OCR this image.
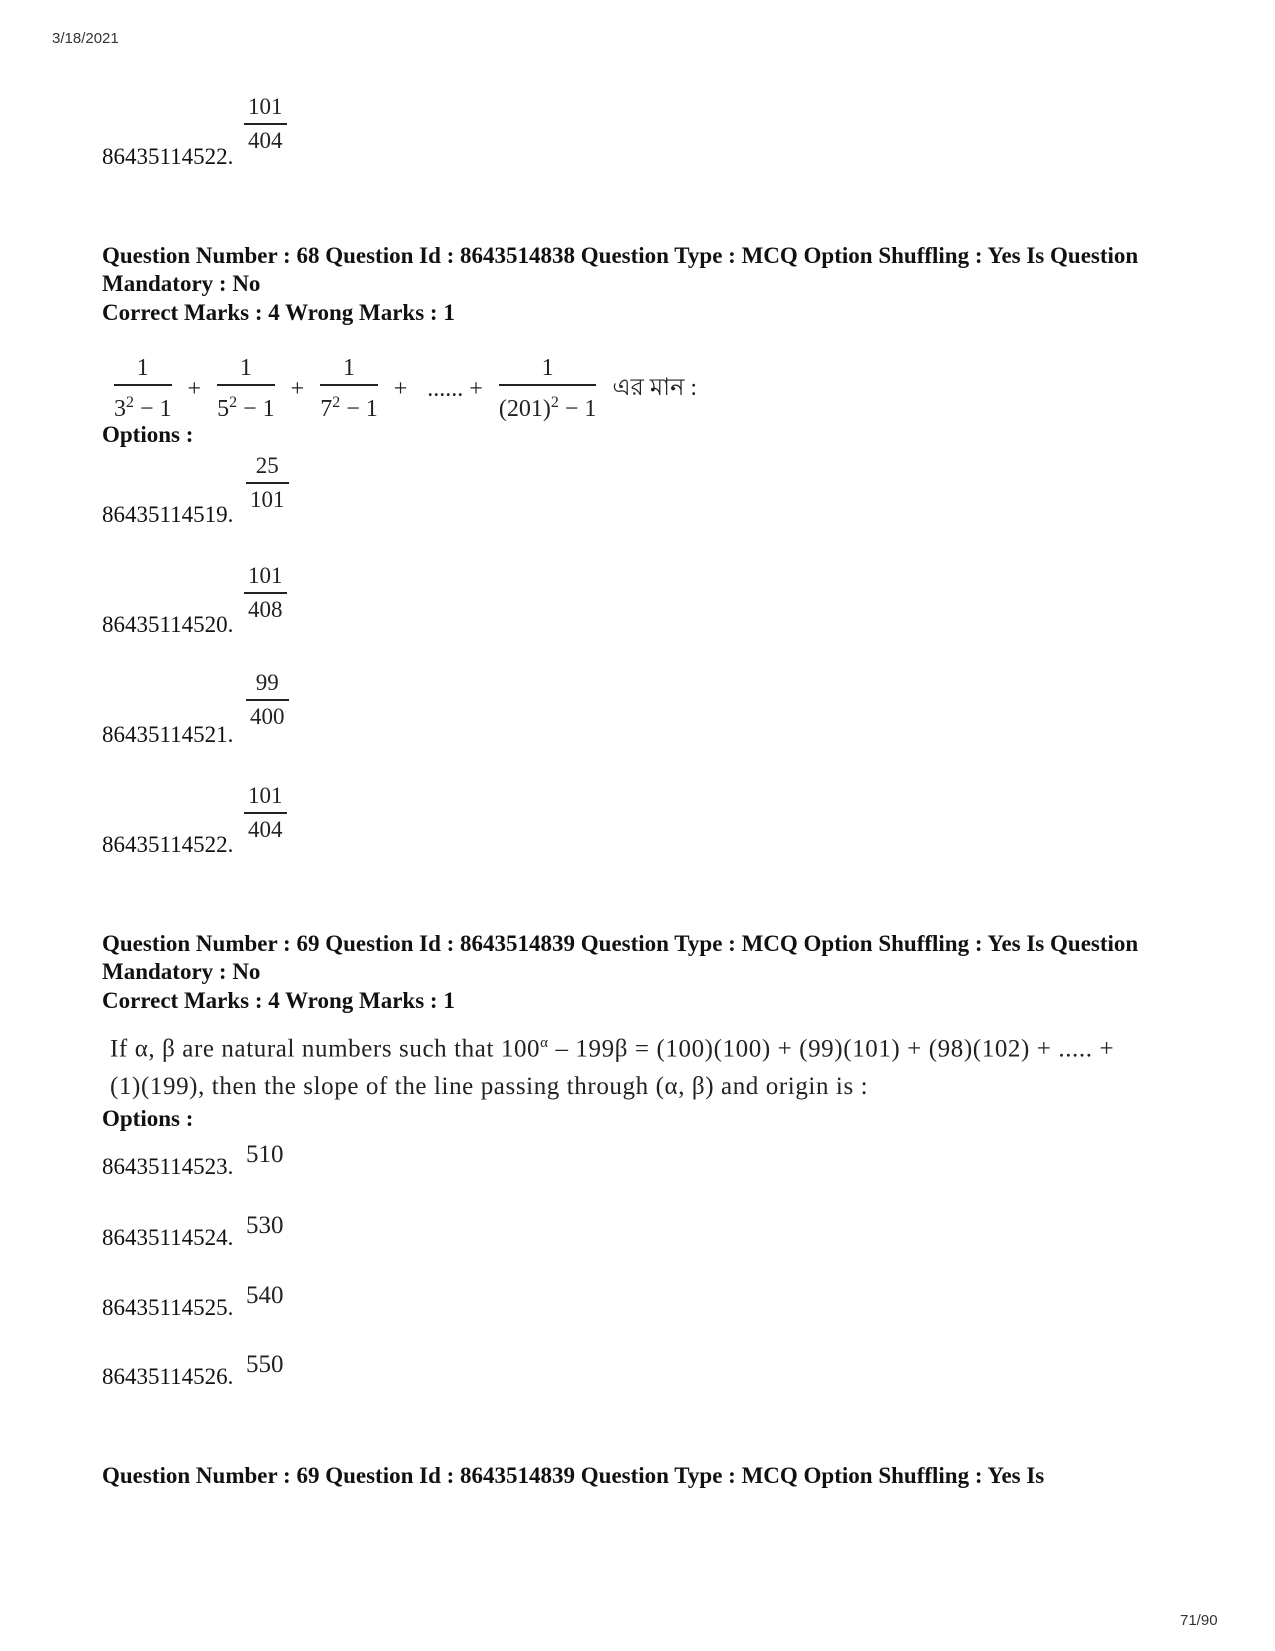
3/18/2021
71/90
86435114522.
101
404
Question Number : 68 Question Id : 8643514838 Question Type : MCQ Option Shuffling : Yes Is Question Mandatory : No
Correct Marks : 4 Wrong Marks : 1
1
$3^2 - 1$
+
1
$5^2 - 1$
+
1
$7^2 - 1$
+ ...... +
1
$(201)^2 - 1$
এর মান :
Options :
86435114519.
25
101
86435114520.
101
408
86435114521.
99
400
86435114522.
101
404
Question Number : 69 Question Id : 8643514839 Question Type : MCQ Option Shuffling : Yes Is Question Mandatory : No
Correct Marks : 4 Wrong Marks : 1
If α, β are natural numbers such that $100^\alpha - 199\beta = (100)(100) + (99)(101) + (98)(102)$ + ..... + (1)(199), then the slope of the line passing through (α, β) and origin is :
Options :
86435114523. 510
86435114524. 530
86435114525. 540
86435114526. 550
Question Number : 69 Question Id : 8643514839 Question Type : MCQ Option Shuffling : Yes Is
